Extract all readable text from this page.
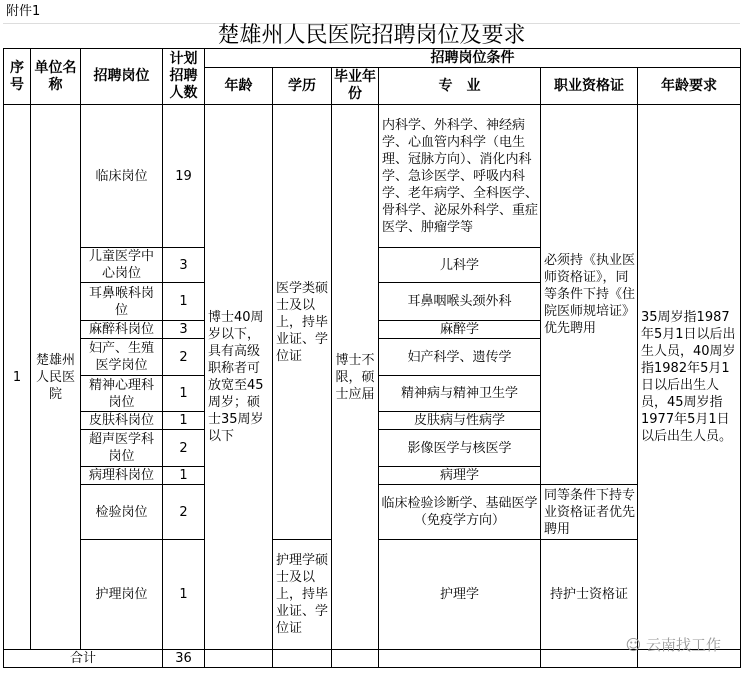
附件1
楚雄州人民医院招聘岗位及要求
序号	单位名称	招聘岗位	计划招聘人数	招聘岗位条件					
				年龄	学历	毕业年份	专　业	职业资格证	年龄要求
1	楚雄州人民医院	临床岗位	19	博士40周岁以下，具有高级职称者可放宽至45周岁；硕士35周岁以下	医学类硕士及以上，持毕业证、学位证	博士不限，硕士应届	内科学、外科学、神经病学、心血管内科学（电生理、冠脉方向）、消化内科学、急诊医学、呼吸内科学、老年病学、全科医学、骨科学、泌尿外科学、重症医学、肿瘤学等	必须持《执业医师资格证》，同等条件下持《住院医师规培证》优先聘用	35周岁指1987年5月1日以后出生人员，40周岁指1982年5月1日以后出生人员，45周岁指1977年5月1日以后出生人员。
		儿童医学中心岗位	3				儿科学		
		耳鼻喉科岗位	1				耳鼻咽喉头颈外科		
		麻醉科岗位	3				麻醉学		
		妇产、生殖医学岗位	2				妇产科学、遗传学		
		精神心理科岗位	1				精神病与精神卫生学		
		皮肤科岗位	1				皮肤病与性病学		
		超声医学科岗位	2				影像医学与核医学		
		病理科岗位	1				病理学		
		检验岗位	2				临床检验诊断学、基础医学（免疫学方向）	同等条件下持专业资格证者优先聘用	
		护理岗位	1		护理学硕士及以上，持毕业证、学位证		护理学	持护士资格证	
合计			36						
☺ 云南找工作
